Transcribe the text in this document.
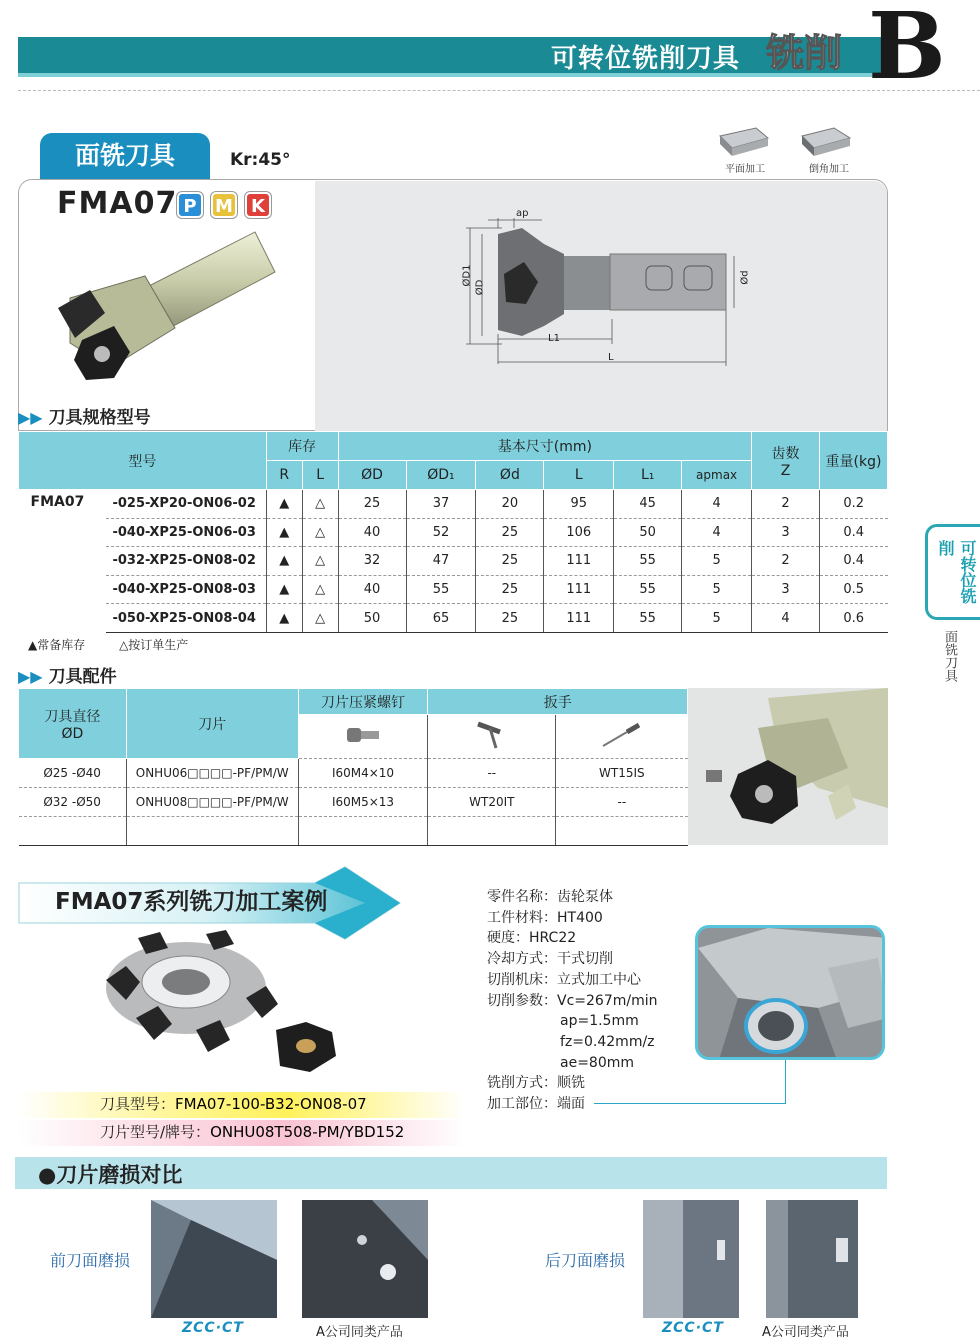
可转位铣削刀具 铣削 B
面铣刀具	Kr:45°	平面加工	倒角加工
FMA07 P	M	K	ap
ØD1
ØD
Ød
L1
L
▶▶ 刀具规格型号
型号		库存		基本尺寸(mm)						齿数
Z	重量(kg)
		R	L	ØD	ØD₁	Ød	L	L₁	apmax		
FMA07	-025-XP20-ON06-02	▲	△	25	37	20	95	45	4	2	0.2
	-040-XP25-ON06-03	▲	△	40	52	25	106	50	4	3	0.4
	-032-XP25-ON08-02	▲	△	32	47	25	111	55	5	2	0.4
	-040-XP25-ON08-03	▲	△	40	55	25	111	55	5	3	0.5
	-050-XP25-ON08-04	▲	△	50	65	25	111	55	5	4	0.6
▲常备库存	△按订单生产
▶▶ 刀具配件
刀具直径
ØD	刀片	刀片压紧螺钉	扳手	

Ø25 -Ø40	ONHU06□□□□-PF/PM/W	I60M4×10	--	WT15IS
Ø32 -Ø50	ONHU08□□□□-PF/PM/W	I60M5×13	WT20IT	--

FMA07系列铣刀加工案例	零件名称：齿轮泵体
工件材料：HT400
硬度：HRC22
冷却方式：干式切削
切削机床：立式加工中心
切削参数：Vc=267m/min
ap=1.5mm
fz=0.42mm/z
ae=80mm
铣削方式：顺铣
加工部位：端面
刀具型号：FMA07-100-B32-ON08-07
刀片型号/牌号：ONHU08T508-PM/YBD152
●刀片磨损对比
前刀面磨损
ZCC·CT	A公司同类产品
后刀面磨损
ZCC·CT	A公司同类产品
可转位铣削
面铣刀具
